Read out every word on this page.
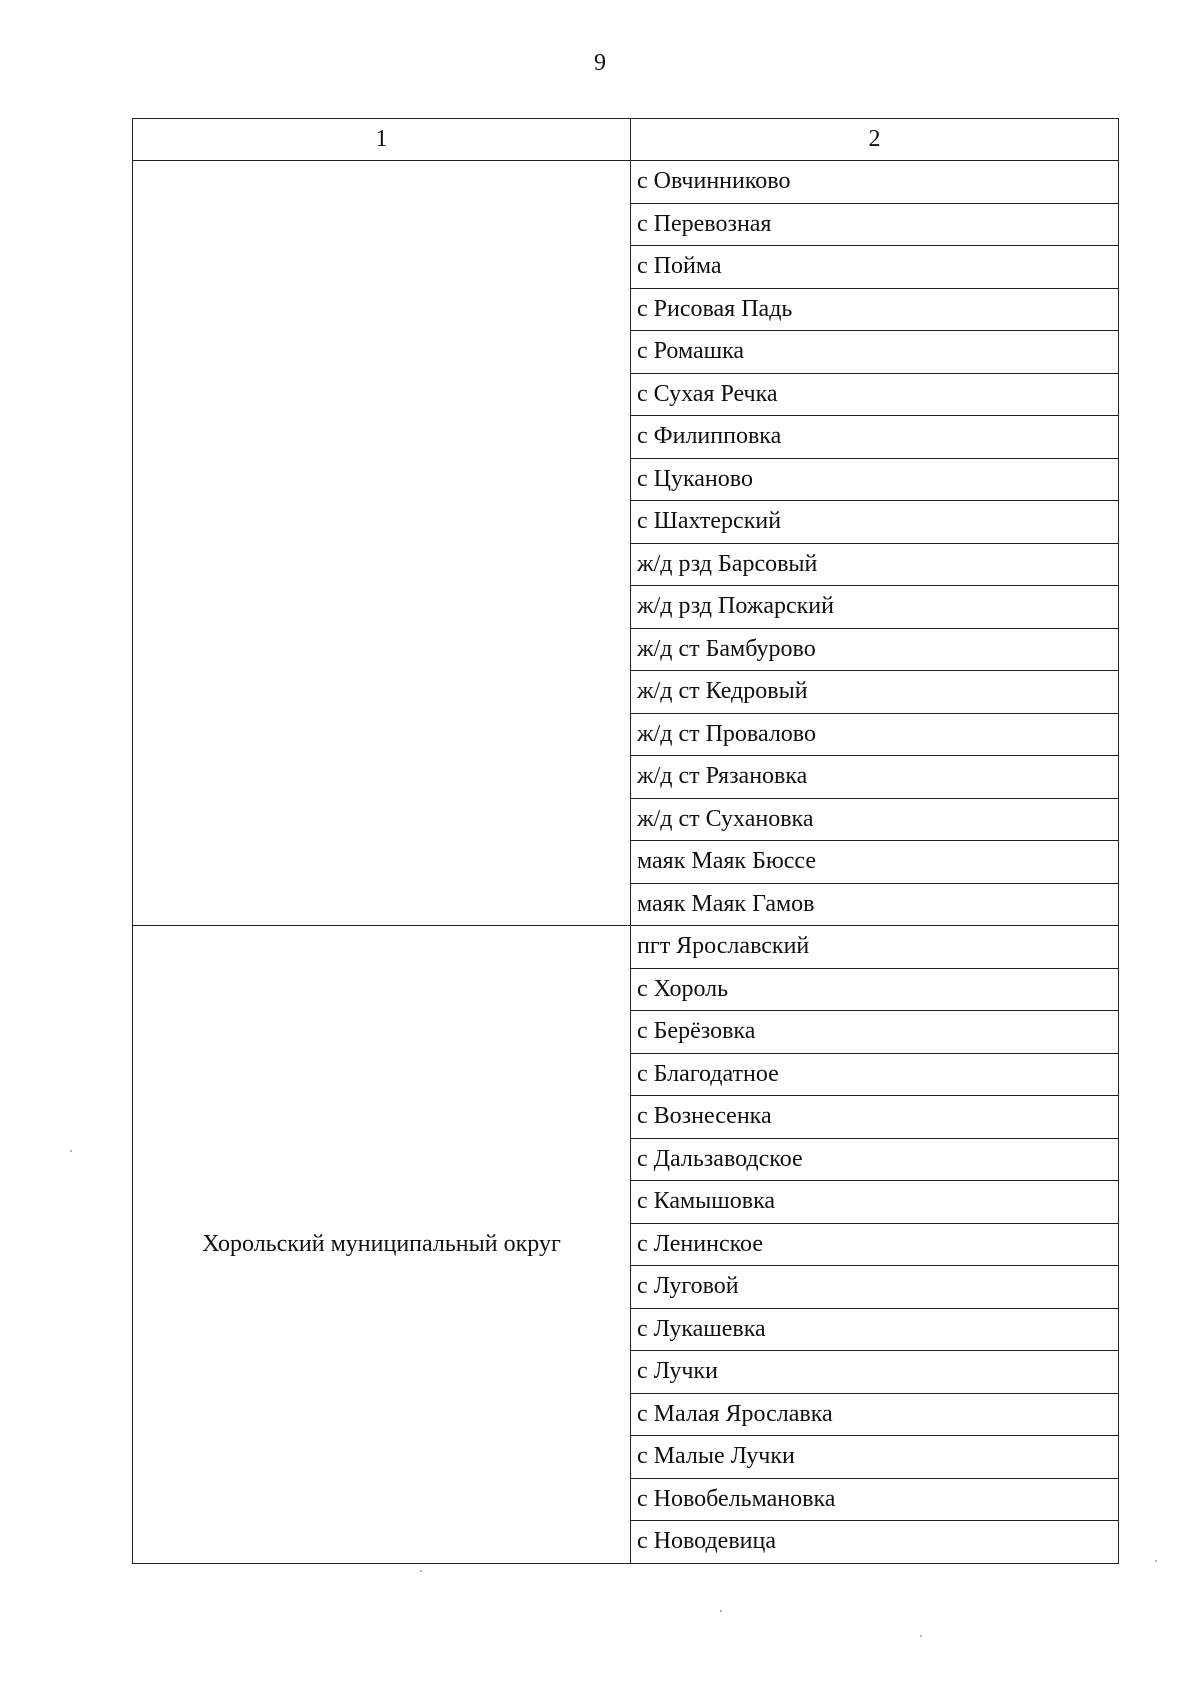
9
1	2
	с Овчинниково
	с Перевозная
	с Пойма
	с Рисовая Падь
	с Ромашка
	с Сухая Речка
	с Филипповка
	с Цуканово
	с Шахтерский
	ж/д рзд Барсовый
	ж/д рзд Пожарский
	ж/д ст Бамбурово
	ж/д ст Кедровый
	ж/д ст Провалово
	ж/д ст Рязановка
	ж/д ст Сухановка
	маяк Маяк Бюссе
	маяк Маяк Гамов
Хорольский муниципальный округ	пгт Ярославский
	с Хороль
	с Берёзовка
	с Благодатное
	с Вознесенка
	с Дальзаводское
	с Камышовка
	с Ленинское
	с Луговой
	с Лукашевка
	с Лучки
	с Малая Ярославка
	с Малые Лучки
	с Новобельмановка
	с Новодевица
